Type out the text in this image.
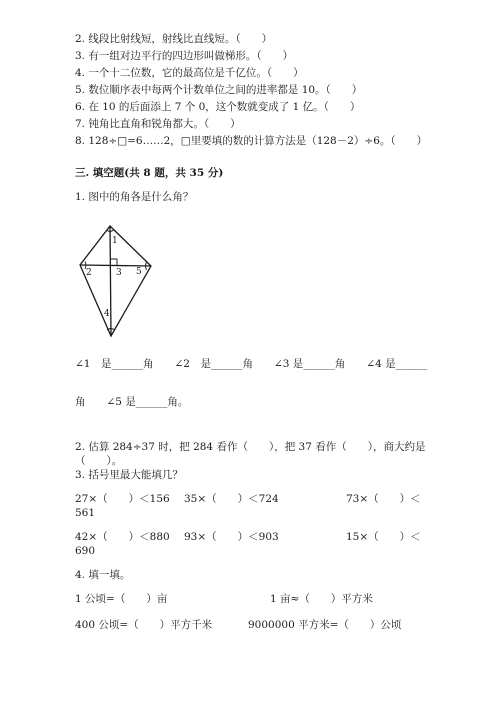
2. 线段比射线短，射线比直线短。（　　）
3. 有一组对边平行的四边形叫做梯形。（　　）
4. 一个十二位数，它的最高位是千亿位。（　　）
5. 数位顺序表中每两个计数单位之间的进率都是 10。（　　）
6. 在 10 的后面添上 7 个 0，这个数就变成了 1 亿。（　　）
7. 钝角比直角和锐角都大。（　　）
8. 128÷□=6……2，□里要填的数的计算方法是（128－2）÷6。（　　）
三. 填空题(共 8 题，共 35 分)
1. 图中的角各是什么角？
1
2	3 5
4
∠1　是______角　　∠2　是______角　　∠3 是______角　　∠4 是______
角　　∠5 是______角。
2. 估算 284÷37 时，把 284 看作（　　），把 37 看作（　　），商大约是
（　　）。
3. 括号里最大能填几？
27×（　　）＜156 35×（　　）＜724	73×（　　）＜
561
42×（　　）＜880 93×（　　）＜903	15×（　　）＜
690
4. 填一填。
1 公顷=（　　）亩	1 亩≈（　　）平方米
400 公顷=（　　）平方千米	9000000 平方米=（　　）公顷
